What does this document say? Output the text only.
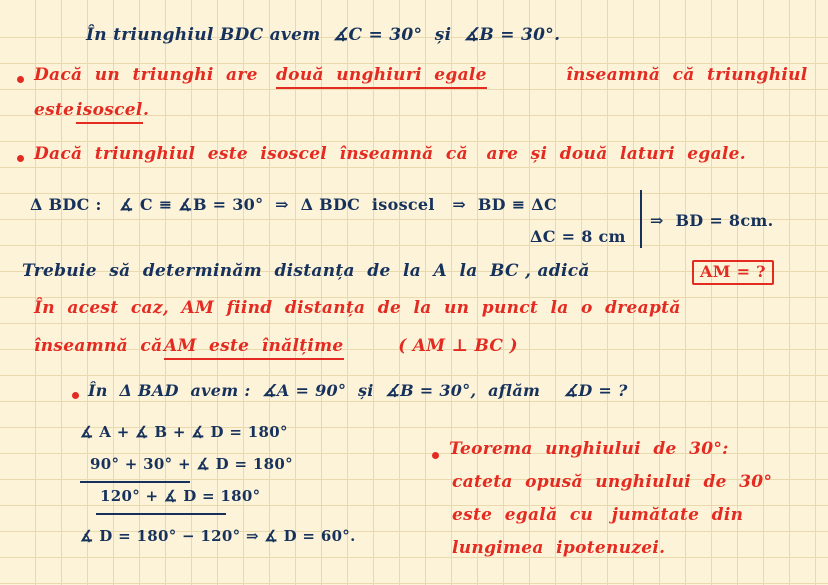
În triunghiul BDC avem  ∡C = 30°  și  ∡B = 30°.
Dacă  un  triunghi  are două  unghiuri  egale	înseamnă  că  triunghiul
este
isoscel .
Dacă  triunghiul  este  isoscel  înseamnă  că   are  și  două  laturi  egale.
Δ BDC :   ∡ C ≡ ∡B = 30°  ⇒  Δ BDC  isoscel   ⇒  BD ≡ ΔC
ΔC = 8 cm
⇒  BD = 8cm.
Trebuie  să  determinăm  distanța  de  la  A  la  BC , adică	AM = ?
În  acest  caz,  AM  fiind  distanța  de  la  un  punct  la  o  dreaptă
înseamnă  că
AM  este  înălțime	( AM ⊥ BC )
În  Δ BAD  avem :  ∡A = 90°  și  ∡B = 30°,  aflăm    ∡D = ?
∡ A + ∡ B + ∡ D = 180°
90° + 30° + ∡ D = 180°
120° + ∡ D = 180°
∡ D = 180° − 120° ⇒ ∡ D = 60°.
Teorema  unghiului  de  30°:
cateta  opusă  unghiului  de  30°
este  egală  cu   jumătate  din
lungimea  ipotenuzei.
